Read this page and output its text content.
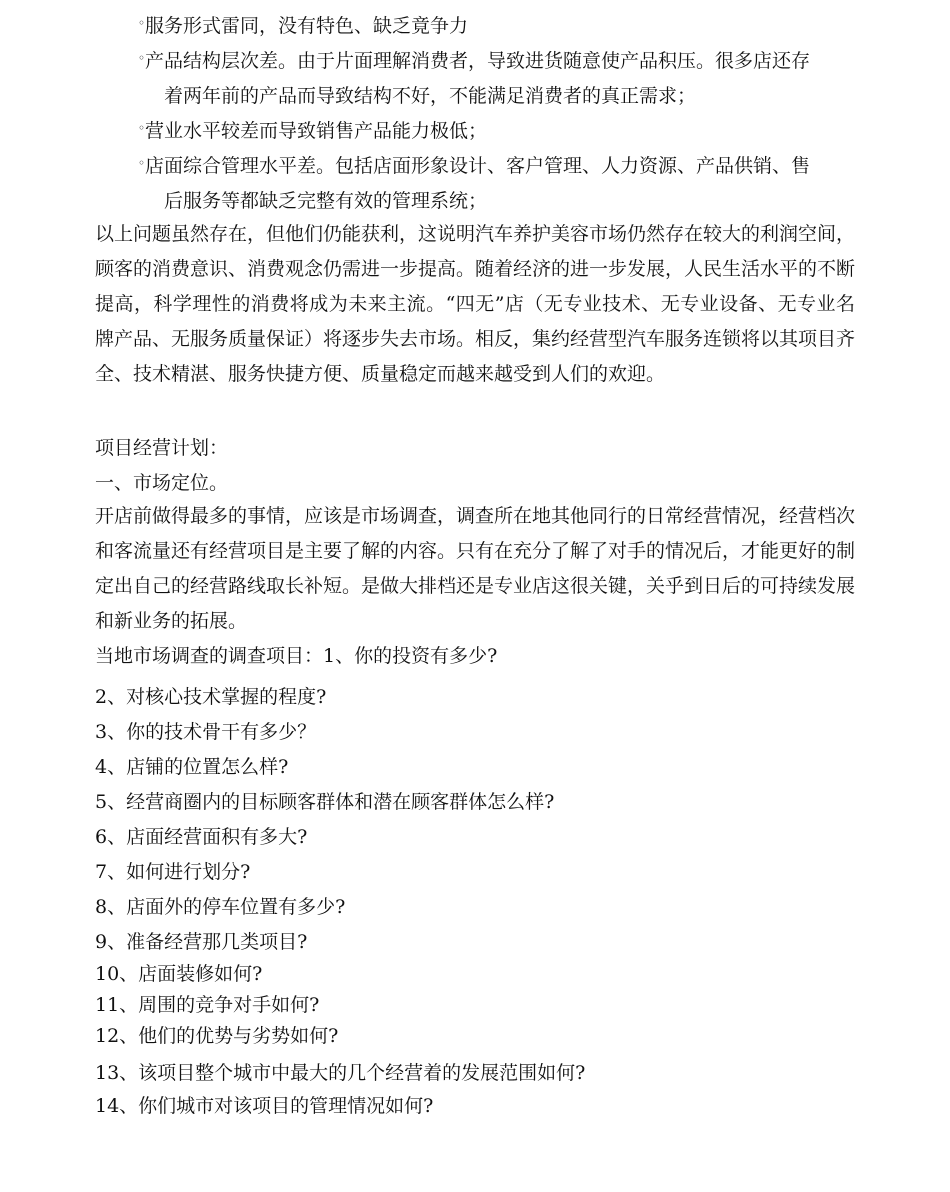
◦服务形式雷同，没有特色、缺乏竟争力
◦产品结构层次差。由于片面理解消费者，导致进货随意使产品积压。很多店还存
着两年前的产品而导致结构不好，不能满足消费者的真正需求；
◦营业水平较差而导致销售产品能力极低；
◦店面综合管理水平差。包括店面形象设计、客户管理、人力资源、产品供销、售
后服务等都缺乏完整有效的管理系统；

以上问题虽然存在，但他们仍能获利，这说明汽车养护美容市场仍然存在较大的利润空间，顾客的消费意识、消费观念仍需进一步提高。随着经济的进一步发展，人民生活水平的不断提高，科学理性的消费将成为未来主流。“四无”店（无专业技术、无专业设备、无专业名牌产品、无服务质量保证）将逐步失去市场。相反，集约经营型汽车服务连锁将以其项目齐全、技术精湛、服务快捷方便、质量稳定而越来越受到人们的欢迎。

项目经营计划：
一、市场定位。

开店前做得最多的事情，应该是市场调查，调查所在地其他同行的日常经营情况，经营档次和客流量还有经营项目是主要了解的内容。只有在充分了解了对手的情况后，才能更好的制定出自己的经营路线取长补短。是做大排档还是专业店这很关键，关乎到日后的可持续发展和新业务的拓展。

当地市场调查的调查项目：1、你的投资有多少?
2、对核心技术掌握的程度?
3、你的技术骨干有多少？
4、店铺的位置怎么样?
5、经营商圈内的目标顾客群体和潜在顾客群体怎么样?
6、店面经营面积有多大?
7、如何进行划分?
8、店面外的停车位置有多少?
9、准备经营那几类项目?
10、店面装修如何?
11、周围的竞争对手如何?
12、他们的优势与劣势如何?
13、该项目整个城市中最大的几个经营着的发展范围如何?
14、你们城市对该项目的管理情况如何?
